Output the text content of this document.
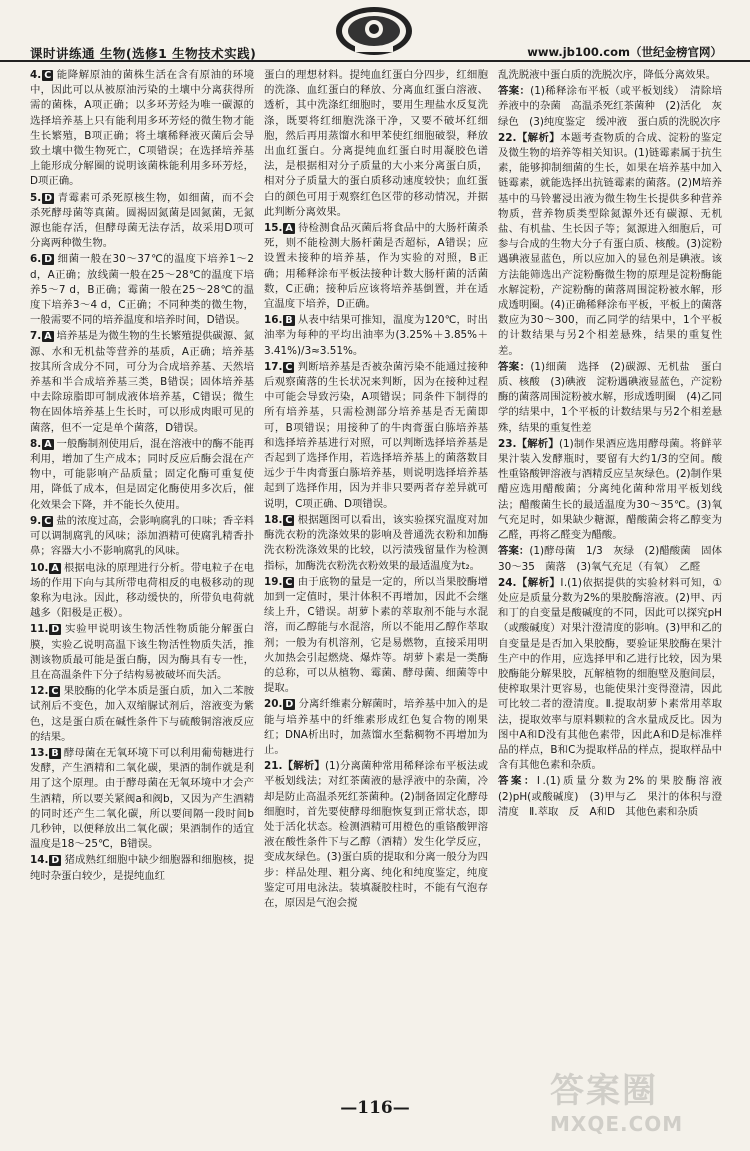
课时讲练通 生物(选修1 生物技术实践)	www.jb100.com（世纪金榜官网）
4. C 能降解原油的菌株生活在含有原油的环境中，因此可以从被原油污染的土壤中分离获得所需的菌株，A项正确；以多环芳烃为唯一碳源的选择培养基上只有能利用多环芳烃的微生物才能生长繁殖，B项正确；将土壤稀释液灭菌后会导致土壤中微生物死亡，C项错误；在选择培养基上能形成分解圈的说明该菌株能利用多环芳烃，D项正确。
5. D 青霉素可杀死原核生物，如细菌，而不会杀死酵母菌等真菌。圆褐固氮菌是固氮菌，无氮源也能存活，但酵母菌无法存活，故采用D项可分离两种微生物。
6. D 细菌一般在30～37℃的温度下培养1～2 d，A正确；放线菌一般在25～28℃的温度下培养5～7 d，B正确；霉菌一般在25～28℃的温度下培养3～4 d，C正确；不同种类的微生物，一般需要不同的培养温度和培养时间，D错误。
7. A 培养基是为微生物的生长繁殖提供碳源、氮源、水和无机盐等营养的基质，A正确；培养基按其所含成分不同，可分为合成培养基、天然培养基和半合成培养基三类，B错误；固体培养基中去除琼脂即可制成液体培养基，C错误；微生物在固体培养基上生长时，可以形成肉眼可见的菌落，但不一定是单个菌落，D错误。
8. A 一般酶制剂使用后，混在溶液中的酶不能再利用，增加了生产成本；同时反应后酶会混在产物中，可能影响产品质量；固定化酶可重复使用，降低了成本，但是固定化酶使用多次后，催化效果会下降，并不能长久使用。
9. C 盐的浓度过高，会影响腐乳的口味；香辛料可以调制腐乳的风味；添加酒精可使腐乳精香扑鼻；容器大小不影响腐乳的风味。
10. A 根据电泳的原理进行分析。带电粒子在电场的作用下向与其所带电荷相反的电极移动的现象称为电泳。因此，移动缓快的，所带负电荷就越多（阳极是正极）。
11. D 实验甲说明该生物活性物质能分解蛋白膜，实验乙说明高温下该生物活性物质失活，推测该物质最可能是蛋白酶，因为酶具有专一性，且在高温条件下分子结构易被破坏而失活。
12. C 果胶酶的化学本质是蛋白质，加入二苯胺试剂后不变色，加入双缩脲试剂后，溶液变为紫色，这是蛋白质在碱性条件下与硫酸铜溶液反应的结果。
13. B 酵母菌在无氧环境下可以利用葡萄糖进行发酵，产生酒精和二氧化碳，果酒的制作就是利用了这个原理。由于酵母菌在无氧环境中才会产生酒精，所以要关紧阀a和阀b，又因为产生酒精的同时还产生二氧化碳，所以要间隔一段时间b几秒钟，以便释放出二氧化碳；果酒制作的适宜温度是18～25℃，B错误。
14. D 猪成熟红细胞中缺少细胞器和细胞核，提纯时杂蛋白较少，是提纯血红
蛋白的理想材料。提纯血红蛋白分四步，红细胞的洗涤、血红蛋白的释放、分离血红蛋白溶液、透析，其中洗涤红细胞时，要用生理盐水反复洗涤，既要将红细胞洗涤干净，又要不破坏红细胞，然后再用蒸馏水和甲苯使红细胞破裂，释放出血红蛋白。分离提纯血红蛋白时用凝胶色谱法，是根据相对分子质量的大小来分离蛋白质，相对分子质量大的蛋白质移动速度较快；血红蛋白的颜色可用于观察红色区带的移动情况，并据此判断分离效果。
15. A 待检测食品灭菌后将食品中的大肠杆菌杀死，则不能检测大肠杆菌是否超标，A错误；应设置未接种的培养基，作为实验的对照，B正确；用稀释涂布平板法接种计数大肠杆菌的活菌数，C正确；接种后应该将培养基倒置，并在适宜温度下培养，D正确。
16. B 从表中结果可推知，温度为120℃，时出油率为每种的平均出油率为(3.25%＋3.85%＋3.41%)/3≈3.51%。
17. C 判断培养基是否被杂菌污染不能通过接种后观察菌落的生长状况来判断，因为在接种过程中可能会导致污染，A项错误；同条件下制得的所有培养基，只需检测部分培养基是否无菌即可，B项错误；用接种了的牛肉膏蛋白胨培养基和选择培养基进行对照，可以判断选择培养基是否起到了选择作用，若选择培养基上的菌落数目远少于牛肉膏蛋白胨培养基，则说明选择培养基起到了选择作用，因为并非只要两者存差异就可说明，C项正确、D项错误。
18. C 根据题图可以看出，该实验探究温度对加酶洗衣粉的洗涤效果的影响及普通洗衣粉和加酶洗衣粉洗涤效果的比较，以污渍残留量作为检测指标，加酶洗衣粉洗衣粉效果的最适温度为t₂。
19. C 由于底物的量是一定的，所以当果胶酶增加到一定值时，果汁体积不再增加，因此不会继续上升，C错误。胡萝卜素的萃取剂不能与水混溶，而乙醇能与水混溶，所以不能用乙醇作萃取剂；一般为有机溶剂，它是易燃物，直接采用明火加热会引起燃烧、爆炸等。胡萝卜素是一类酶的总称，可以从植物、霉菌、酵母菌、细菌等中提取。
20. D 分离纤维素分解菌时，培养基中加入的是能与培养基中的纤维素形成红色复合物的刚果红；DNA析出时，加蒸馏水至黏稠物不再增加为止。
21.【解析】(1)分离菌种常用稀释涂布平板法或平板划线法；对红茶菌液的悬浮液中的杂菌，冷却是防止高温杀死红茶菌种。(2)制备固定化酵母细胞时，首先要使酵母细胞恢复到正常状态，即处于活化状态。检测酒精可用橙色的重铬酸钾溶液在酸性条件下与乙醇（酒精）发生化学反应，变成灰绿色。(3)蛋白质的提取和分离一般分为四步：样品处理、粗分离、纯化和纯度鉴定，纯度鉴定可用电泳法。装填凝胶柱时，不能有气泡存在，原因是气泡会搅
乱洗脱液中蛋白质的洗脱次序，降低分离效果。
答案：(1)稀释涂布平板（或平板划线）　清除培养液中的杂菌　高温杀死红茶菌种　(2)活化　灰绿色　(3)纯度鉴定　缓冲液　蛋白质的洗脱次序
22.【解析】本题考查物质的合成、淀粉的鉴定及微生物的培养等相关知识。(1)链霉素属于抗生素，能够抑制细菌的生长，如果在培养基中加入链霉素，就能选择出抗链霉素的菌落。(2)M培养基中的马铃薯浸出液为微生物生长提供多种营养物质，营养物质类型除氮源外还有碳源、无机盐、有机盐、生长因子等；氮源进入细胞后，可参与合成的生物大分子有蛋白质、核酸。(3)淀粉遇碘液显蓝色，所以应加入的显色剂是碘液。该方法能筛选出产淀粉酶微生物的原理是淀粉酶能水解淀粉，产淀粉酶的菌落周围淀粉被水解，形成透明圈。(4)正确稀释涂布平板，平板上的菌落数应为30～300，而乙同学的结果中，1个平板的计数结果与另2个相差悬殊，结果的重复性差。
答案：(1)细菌　选择　(2)碳源、无机盐　蛋白质、核酸　(3)碘液　淀粉遇碘液显蓝色，产淀粉酶的菌落周围淀粉被水解，形成透明圈　(4)乙同学的结果中，1个平板的计数结果与另2个相差悬殊，结果的重复性差
23.【解析】(1)制作果酒应选用酵母菌。将鲜苹果汁装入发酵瓶时，要留有大约1/3的空间。酸性重铬酸钾溶液与酒精反应呈灰绿色。(2)制作果醋应选用醋酸菌；分离纯化菌种常用平板划线法；醋酸菌生长的最适温度为30～35℃。(3)氧气充足时，如果缺少糖源，醋酸菌会将乙醇变为乙醛，再将乙醛变为醋酸。
答案：(1)酵母菌　1/3　灰绿　(2)醋酸菌　固体　30～35　菌落　(3)氧气充足（有氧）　乙醛
24.【解析】Ⅰ.(1)依据提供的实验材料可知，①处应是质量分数为2%的果胶酶溶液。(2)甲、丙和丁的自变量是酸碱度的不同，因此可以探究pH（或酸碱度）对果汁澄清度的影响。(3)甲和乙的自变量是是否加入果胶酶，要验证果胶酶在果汁生产中的作用，应选择甲和乙进行比较，因为果胶酶能分解果胶，瓦解植物的细胞壁及胞间层，使榨取果汁更容易，也能使果汁变得澄清，因此可比较二者的澄清度。Ⅱ.提取胡萝卜素常用萃取法，提取效率与原料颗粒的含水量成反比。因为图中A和D没有其他色素带，因此A和D是标准样品的样点，B和C为提取样品的样点，提取样品中含有其他色素和杂质。
答案：Ⅰ.(1)质量分数为2%的果胶酶溶液　(2)pH(或酸碱度)　(3)甲与乙　果汁的体积与澄清度　Ⅱ.萃取　反　A和D　其他色素和杂质
—116—	答案圈
MXQE.COM
